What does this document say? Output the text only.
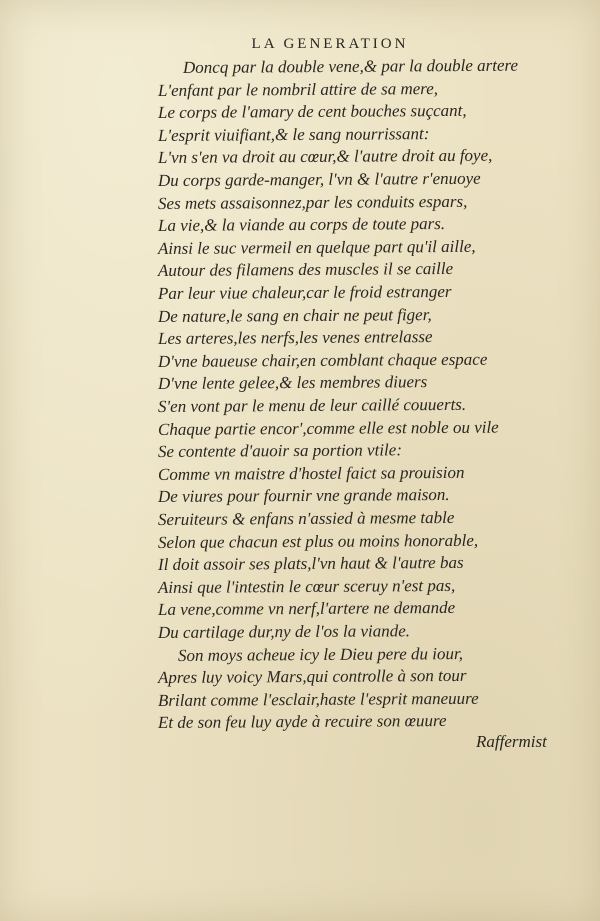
LA GENERATION
Doncq par la double vene,& par la double artere
L'enfant par le nombril attire de sa mere,
Le corps de l'amary de cent bouches suçcant,
L'esprit viuifiant,& le sang nourrissant:
L'vn s'en va droit au cœur,& l'autre droit au foye,
Du corps garde-manger, l'vn & l'autre r'enuoye
Ses mets assaisonnez,par les conduits espars,
La vie,& la viande au corps de toute pars.
Ainsi le suc vermeil en quelque part qu'il aille,
Autour des filamens des muscles il se caille
Par leur viue chaleur,car le froid estranger
De nature,le sang en chair ne peut figer,
Les arteres,les nerfs,les venes entrelasse
D'vne baueuse chair,en comblant chaque espace
D'vne lente gelee,& les membres diuers
S'en vont par le menu de leur caillé couuerts.
Chaque partie encor',comme elle est noble ou vile
Se contente d'auoir sa portion vtile:
Comme vn maistre d'hostel faict sa prouision
De viures pour fournir vne grande maison.
Seruiteurs & enfans n'assied à mesme table
Selon que chacun est plus ou moins honorable,
Il doit assoir ses plats,l'vn haut & l'autre bas
Ainsi que l'intestin le cœur sceruy n'est pas,
La vene,comme vn nerf,l'artere ne demande
Du cartilage dur,ny de l'os la viande.
Son moys acheue icy le Dieu pere du iour,
Apres luy voicy Mars,qui controlle à son tour
Brilant comme l'esclair,haste l'esprit maneuure
Et de son feu luy ayde à recuire son œuure
Raffermist
